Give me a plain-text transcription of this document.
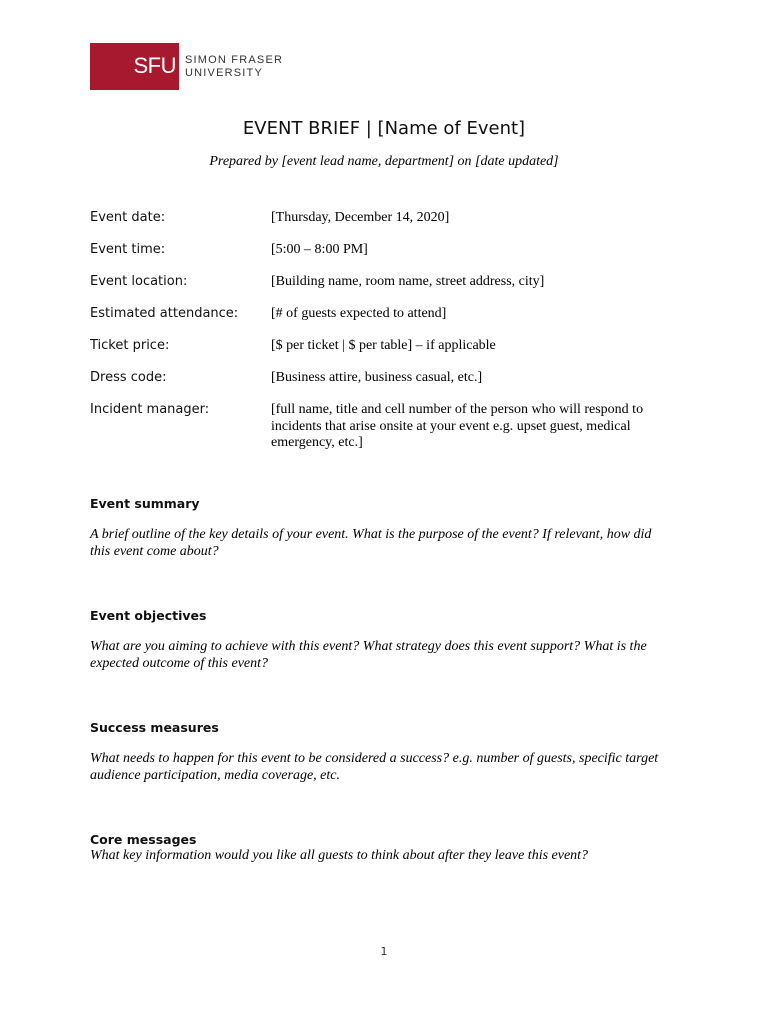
SFU SIMON FRASER
UNIVERSITY
EVENT BRIEF | [Name of Event]
Prepared by [event lead name, department] on [date updated]
Event date:	[Thursday, December 14, 2020]
Event time:	[5:00 – 8:00 PM]
Event location:	[Building name, room name, street address, city]
Estimated attendance: [# of guests expected to attend]
Ticket price:	[$ per ticket | $ per table] – if applicable
Dress code:	[Business attire, business casual, etc.]
Incident manager:	[full name, title and cell number of the person who will respond to incidents that arise onsite at your event e.g. upset guest, medical emergency, etc.]
Event summary
A brief outline of the key details of your event. What is the purpose of the event? If relevant, how did this event come about?
Event objectives
What are you aiming to achieve with this event? What strategy does this event support? What is the expected outcome of this event?
Success measures
What needs to happen for this event to be considered a success? e.g. number of guests, specific target audience participation, media coverage, etc.
Core messages
What key information would you like all guests to think about after they leave this event?
1
